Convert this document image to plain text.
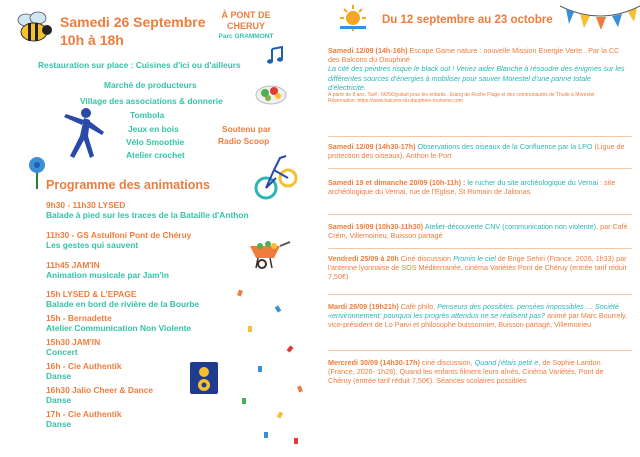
Samedi 26 Septembre
10h à 18h
À PONT DE
CHERUY
Parc GRAMMONT
Restauration sur place : Cuisines d'ici ou d'ailleurs
Marché de producteurs
Village des associations & donnerie
Tombola
Jeux en bois
Vélo Smoothie
Atelier crochet
Soutenu par
Radio Scoop
Programme des animations
9h30 - 11h30 LYSED
Balade à pied sur les traces de la Bataille d'Anthon
11h30 - GS Astulfoni Pont de Chéruy
Les gestes qui sauvent
11h45 JAM'IN
Animation musicale par Jam'in
15h LYSED & L'EPAGE
Balade en bord de rivière de la Bourbe
15h - Bernadette
Atelier Communication Non Violente
15h30 JAM'IN
Concert
16h - Cie Authentik
Danse
16h30 Jalio Cheer & Dance
Danse
17h - Cie Authentik
Danse
Du 12 septembre au 23 octobre
Samedi 12/09 (14h-16h) Escape Game nature : nouvelle Mission Energie Verte . Par la CC des Balcons du Dauphiné
La cité des peintres risque le black out ! Venez aider Blanche à résoudre des énigmes sur les différentes sources d'énergies à mobiliser pour sauver Morestel d'une panne totale d'électricité.
À partir de 8 ans. Tarif : 6€/5€/gratuit pour les enfants . Etang de Roche Plage et des communautés de Thuile à Morestel
Réservation: https://www.balcons-du-dauphine-tourisme.com
Samedi 12/09 (14h30-17h) Observations des oiseaux de la Confluence par la LPO (Ligue de protection des oiseaux), Anthon le Port
Samedi 19 et dimanche 20/09 (10h-11h) : le rucher du site archéologique du Vernai : site archéologique du Vernai, rue de l'Eglise, St Romain de Jalionas
Samedi 19/09 (10h30-11h30) Atelier-découverte CNV (communication non violente), par Café Crém, Villemoirieu, Buisson partagé
Vendredi 25/09 à 20h Ciné discussion Promis le ciel de Erige Sehiri (France, 2026, 1h33) par l'antenne lyonnaise de SOS Méditerranée, cinéma Variétés Pont de Chéruy (entrée tarif réduit 7,50€)
Mardi 29/09 (19h21h) Café philo, Penseurs des possibles, pensées impossibles … Société «environnement: pourquoi les progrès attendus ne se réalisent pas? animé par Marc Bourrely, vice-président de Lo Parvi et philosophe buissonnier, Buisson partagé, Villemoirieu
Mercredi 30/09 (14h30-17h) ciné discussion, Quand j'étais petit·e, de Sophie Laridon (France, 2026- 1h28), Quand les enfants filment leurs aînés, Cinéma Variétés, Pont de Chéruy (entrée tarif réduit 7,50€). Séances scolaires possibles
